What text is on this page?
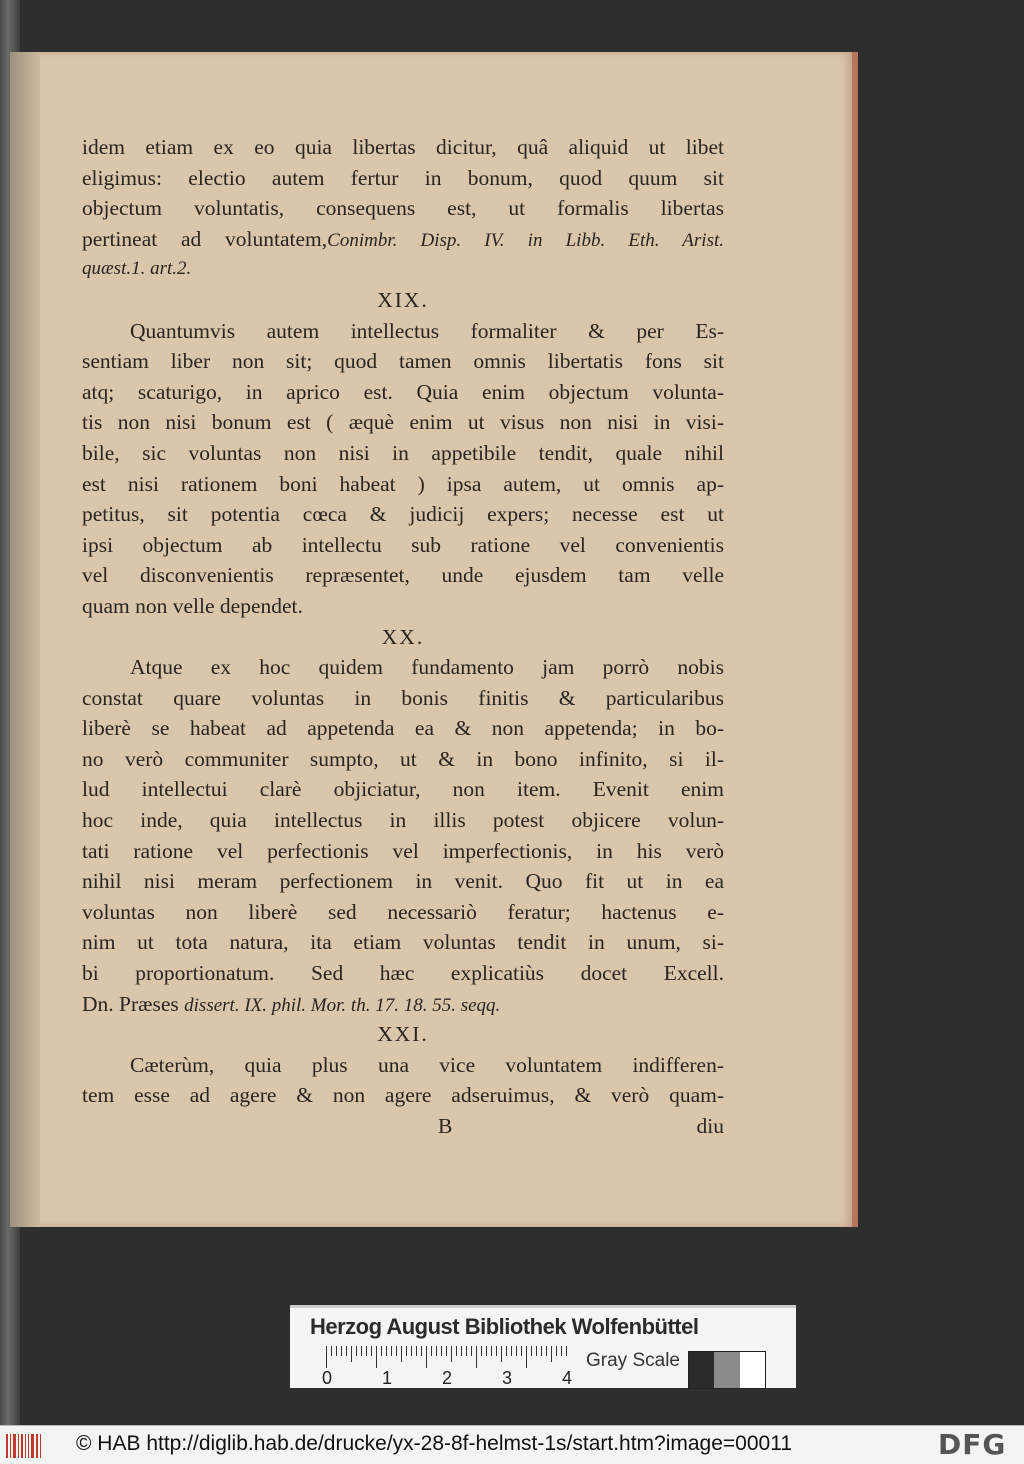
idem etiam ex eo quia libertas dicitur, quâ aliquid ut libet
eligimus: electio autem fertur in bonum, quod quum sit
objectum voluntatis, consequens est, ut formalis libertas
pertineat ad voluntatem,Conimbr. Disp. IV. in Libb. Eth. Arist.
quæst.1. art.2.
XIX.
Quantumvis autem intellectus formaliter & per Es-
sentiam liber non sit; quod tamen omnis libertatis fons sit
atq; scaturigo, in aprico est. Quia enim objectum volunta-
tis non nisi bonum est ( æquè enim ut visus non nisi in visi-
bile, sic voluntas non nisi in appetibile tendit, quale nihil
est nisi rationem boni habeat ) ipsa autem, ut omnis ap-
petitus, sit potentia cœca & judicij expers; necesse est ut
ipsi objectum ab intellectu sub ratione vel convenientis
vel disconvenientis repræsentet, unde ejusdem tam velle
quam non velle dependet.
XX.
Atque ex hoc quidem fundamento jam porrò nobis
constat quare voluntas in bonis finitis & particularibus
liberè se habeat ad appetenda ea & non appetenda; in bo-
no verò communiter sumpto, ut & in bono infinito, si il-
lud intellectui clarè objiciatur, non item. Evenit enim
hoc inde, quia intellectus in illis potest objicere volun-
tati ratione vel perfectionis vel imperfectionis, in his verò
nihil nisi meram perfectionem in venit. Quo fit ut in ea
voluntas non liberè sed necessariò feratur; hactenus e-
nim ut tota natura, ita etiam voluntas tendit in unum, si-
bi proportionatum. Sed hæc explicatiùs docet Excell.
Dn. Præses dissert. IX. phil. Mor. th. 17. 18. 55. seqq.
XXI.
Cæterùm, quia plus una vice voluntatem indifferen-
tem esse ad agere & non agere adseruimus, & verò quam-
B	diu
Herzog August Bibliothek Wolfenbüttel
0	1	2	3	4
Gray Scale
© HAB http://diglib.hab.de/drucke/yx-28-8f-helmst-1s/start.htm?image=00011	DFG
